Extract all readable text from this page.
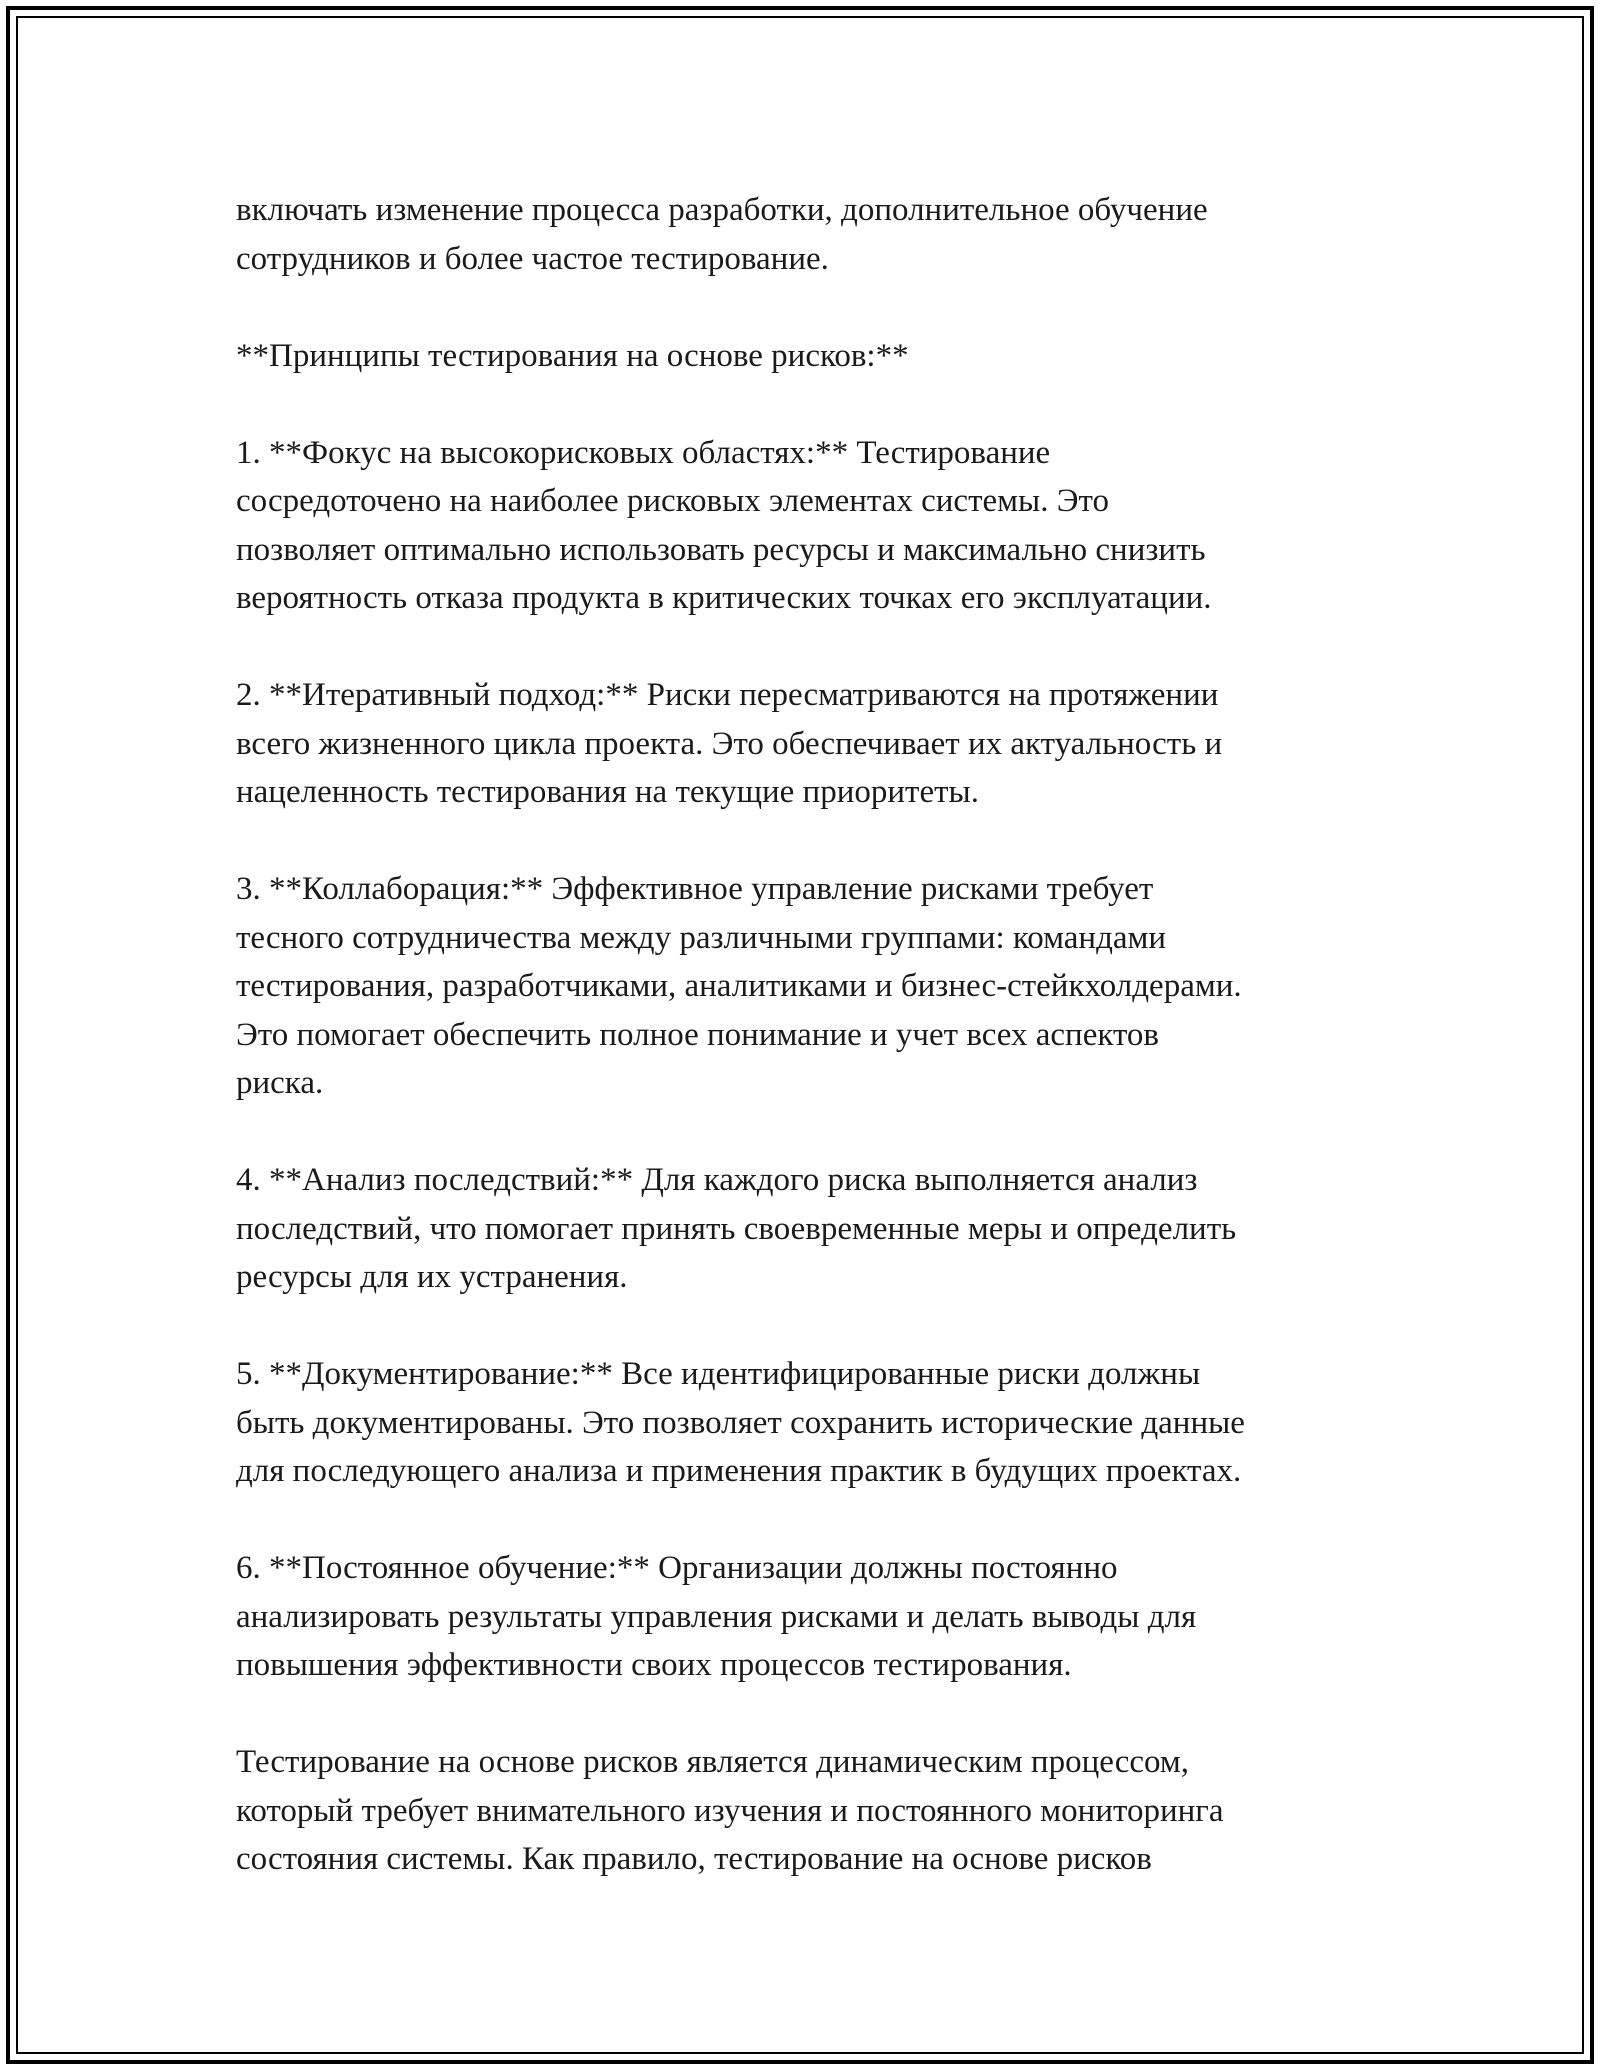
включать изменение процесса разработки, дополнительное обучение
сотрудников и более частое тестирование.

**Принципы тестирования на основе рисков:**

1. **Фокус на высокорисковых областях:** Тестирование
сосредоточено на наиболее рисковых элементах системы. Это
позволяет оптимально использовать ресурсы и максимально снизить
вероятность отказа продукта в критических точках его эксплуатации.

2. **Итеративный подход:** Риски пересматриваются на протяжении
всего жизненного цикла проекта. Это обеспечивает их актуальность и
нацеленность тестирования на текущие приоритеты.

3. **Коллаборация:** Эффективное управление рисками требует
тесного сотрудничества между различными группами: командами
тестирования, разработчиками, аналитиками и бизнес-стейкхолдерами.
Это помогает обеспечить полное понимание и учет всех аспектов
риска.

4. **Анализ последствий:** Для каждого риска выполняется анализ
последствий, что помогает принять своевременные меры и определить
ресурсы для их устранения.

5. **Документирование:** Все идентифицированные риски должны
быть документированы. Это позволяет сохранить исторические данные
для последующего анализа и применения практик в будущих проектах.

6. **Постоянное обучение:** Организации должны постоянно
анализировать результаты управления рисками и делать выводы для
повышения эффективности своих процессов тестирования.

Тестирование на основе рисков является динамическим процессом,
который требует внимательного изучения и постоянного мониторинга
состояния системы. Как правило, тестирование на основе рисков
